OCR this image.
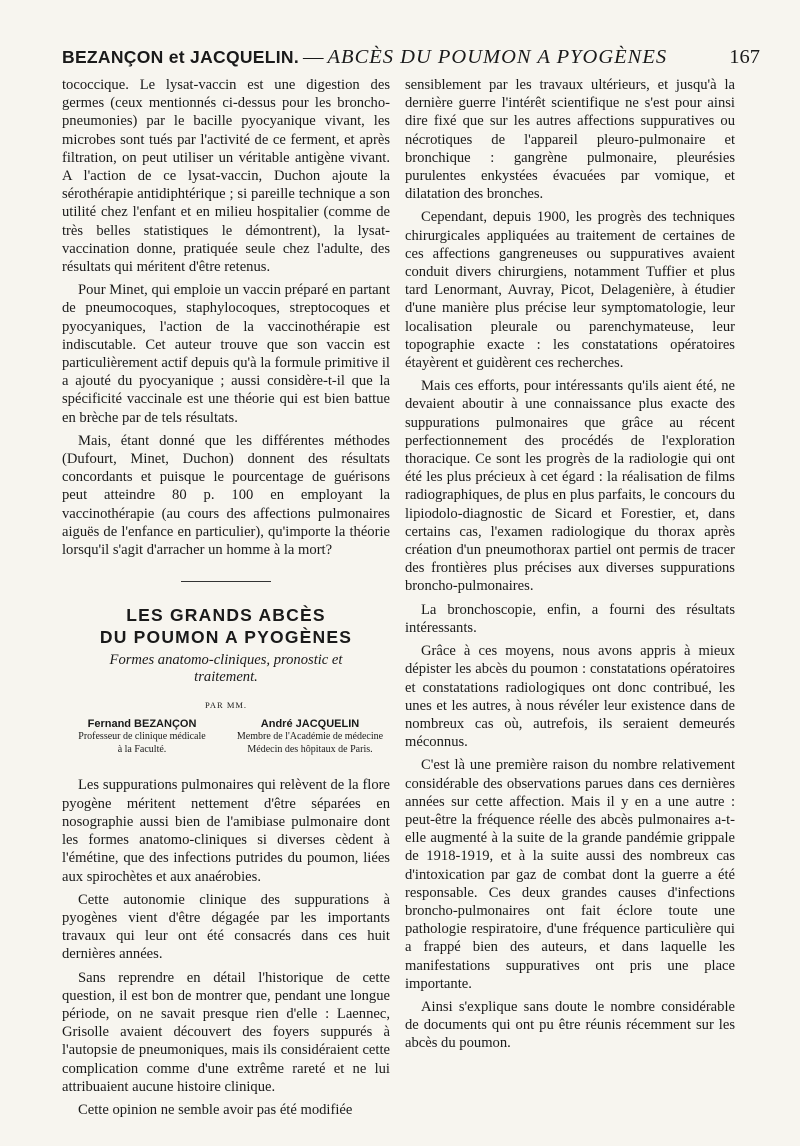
BEZANÇON et JACQUELIN. — ABCÈS DU POUMON A PYOGÈNES	167

tococcique. Le lysat-vaccin est une digestion des germes (ceux mentionnés ci-dessus pour les broncho-pneumonies) par le bacille pyocyanique vivant, les microbes sont tués par l'activité de ce ferment, et après filtration, on peut utiliser un véritable antigène vivant. A l'action de ce lysat-vaccin, Duchon ajoute la sérothérapie antidiphtérique ; si pareille technique a son utilité chez l'enfant et en milieu hospitalier (comme de très belles statistiques le démontrent), la lysat-vaccination donne, pratiquée seule chez l'adulte, des résultats qui méritent d'être retenus.

Pour Minet, qui emploie un vaccin préparé en partant de pneumocoques, staphylocoques, streptocoques et pyocyaniques, l'action de la vaccinothérapie est indiscutable. Cet auteur trouve que son vaccin est particulièrement actif depuis qu'à la formule primitive il a ajouté du pyocyanique ; aussi considère-t-il que la spécificité vaccinale est une théorie qui est bien battue en brèche par de tels résultats.

Mais, étant donné que les différentes méthodes (Dufourt, Minet, Duchon) donnent des résultats concordants et puisque le pourcentage de guérisons peut atteindre 80 p. 100 en employant la vaccinothérapie (au cours des affections pulmonaires aiguës de l'enfance en particulier), qu'importe la théorie lorsqu'il s'agit d'arracher un homme à la mort?

LES GRANDS ABCÈS
DU POUMON A PYOGÈNES
Formes anatomo-cliniques, pronostic et
traitement.
PAR MM.
Fernand BEZANÇON
Professeur de clinique médicale
à la Faculté.
André JACQUELIN
Membre de l'Académie de médecine
Médecin des hôpitaux de Paris.

Les suppurations pulmonaires qui relèvent de la flore pyogène méritent nettement d'être séparées en nosographie aussi bien de l'amibiase pulmonaire dont les formes anatomo-cliniques si diverses cèdent à l'émétine, que des infections putrides du poumon, liées aux spirochètes et aux anaérobies.

Cette autonomie clinique des suppurations à pyogènes vient d'être dégagée par les importants travaux qui leur ont été consacrés dans ces huit dernières années.

Sans reprendre en détail l'historique de cette question, il est bon de montrer que, pendant une longue période, on ne savait presque rien d'elle : Laennec, Grisolle avaient découvert des foyers suppurés à l'autopsie de pneumoniques, mais ils considéraient cette complication comme d'une extrême rareté et ne lui attribuaient aucune histoire clinique.

Cette opinion ne semble avoir pas été modifiée

sensiblement par les travaux ultérieurs, et jusqu'à la dernière guerre l'intérêt scientifique ne s'est pour ainsi dire fixé que sur les autres affections suppuratives ou nécrotiques de l'appareil pleuro-pulmonaire et bronchique : gangrène pulmonaire, pleurésies purulentes enkystées évacuées par vomique, et dilatation des bronches.

Cependant, depuis 1900, les progrès des techniques chirurgicales appliquées au traitement de certaines de ces affections gangreneuses ou suppuratives avaient conduit divers chirurgiens, notamment Tuffier et plus tard Lenormant, Auvray, Picot, Delagenière, à étudier d'une manière plus précise leur symptomatologie, leur localisation pleurale ou parenchymateuse, leur topographie exacte : les constatations opératoires étayèrent et guidèrent ces recherches.

Mais ces efforts, pour intéressants qu'ils aient été, ne devaient aboutir à une connaissance plus exacte des suppurations pulmonaires que grâce au récent perfectionnement des procédés de l'exploration thoracique. Ce sont les progrès de la radiologie qui ont été les plus précieux à cet égard : la réalisation de films radiographiques, de plus en plus parfaits, le concours du lipiodolo-diagnostic de Sicard et Forestier, et, dans certains cas, l'examen radiologique du thorax après création d'un pneumothorax partiel ont permis de tracer des frontières plus précises aux diverses suppurations broncho-pulmonaires.

La bronchoscopie, enfin, a fourni des résultats intéressants.

Grâce à ces moyens, nous avons appris à mieux dépister les abcès du poumon : constatations opératoires et constatations radiologiques ont donc contribué, les unes et les autres, à nous révéler leur existence dans de nombreux cas où, autrefois, ils seraient demeurés méconnus.

C'est là une première raison du nombre relativement considérable des observations parues dans ces dernières années sur cette affection. Mais il y en a une autre : peut-être la fréquence réelle des abcès pulmonaires a-t-elle augmenté à la suite de la grande pandémie grippale de 1918-1919, et à la suite aussi des nombreux cas d'intoxication par gaz de combat dont la guerre a été responsable. Ces deux grandes causes d'infections broncho-pulmonaires ont fait éclore toute une pathologie respiratoire, d'une fréquence particulière qui a frappé bien des auteurs, et dans laquelle les manifestations suppuratives ont pris une place importante.

Ainsi s'explique sans doute le nombre considérable de documents qui ont pu être réunis récemment sur les abcès du poumon.
